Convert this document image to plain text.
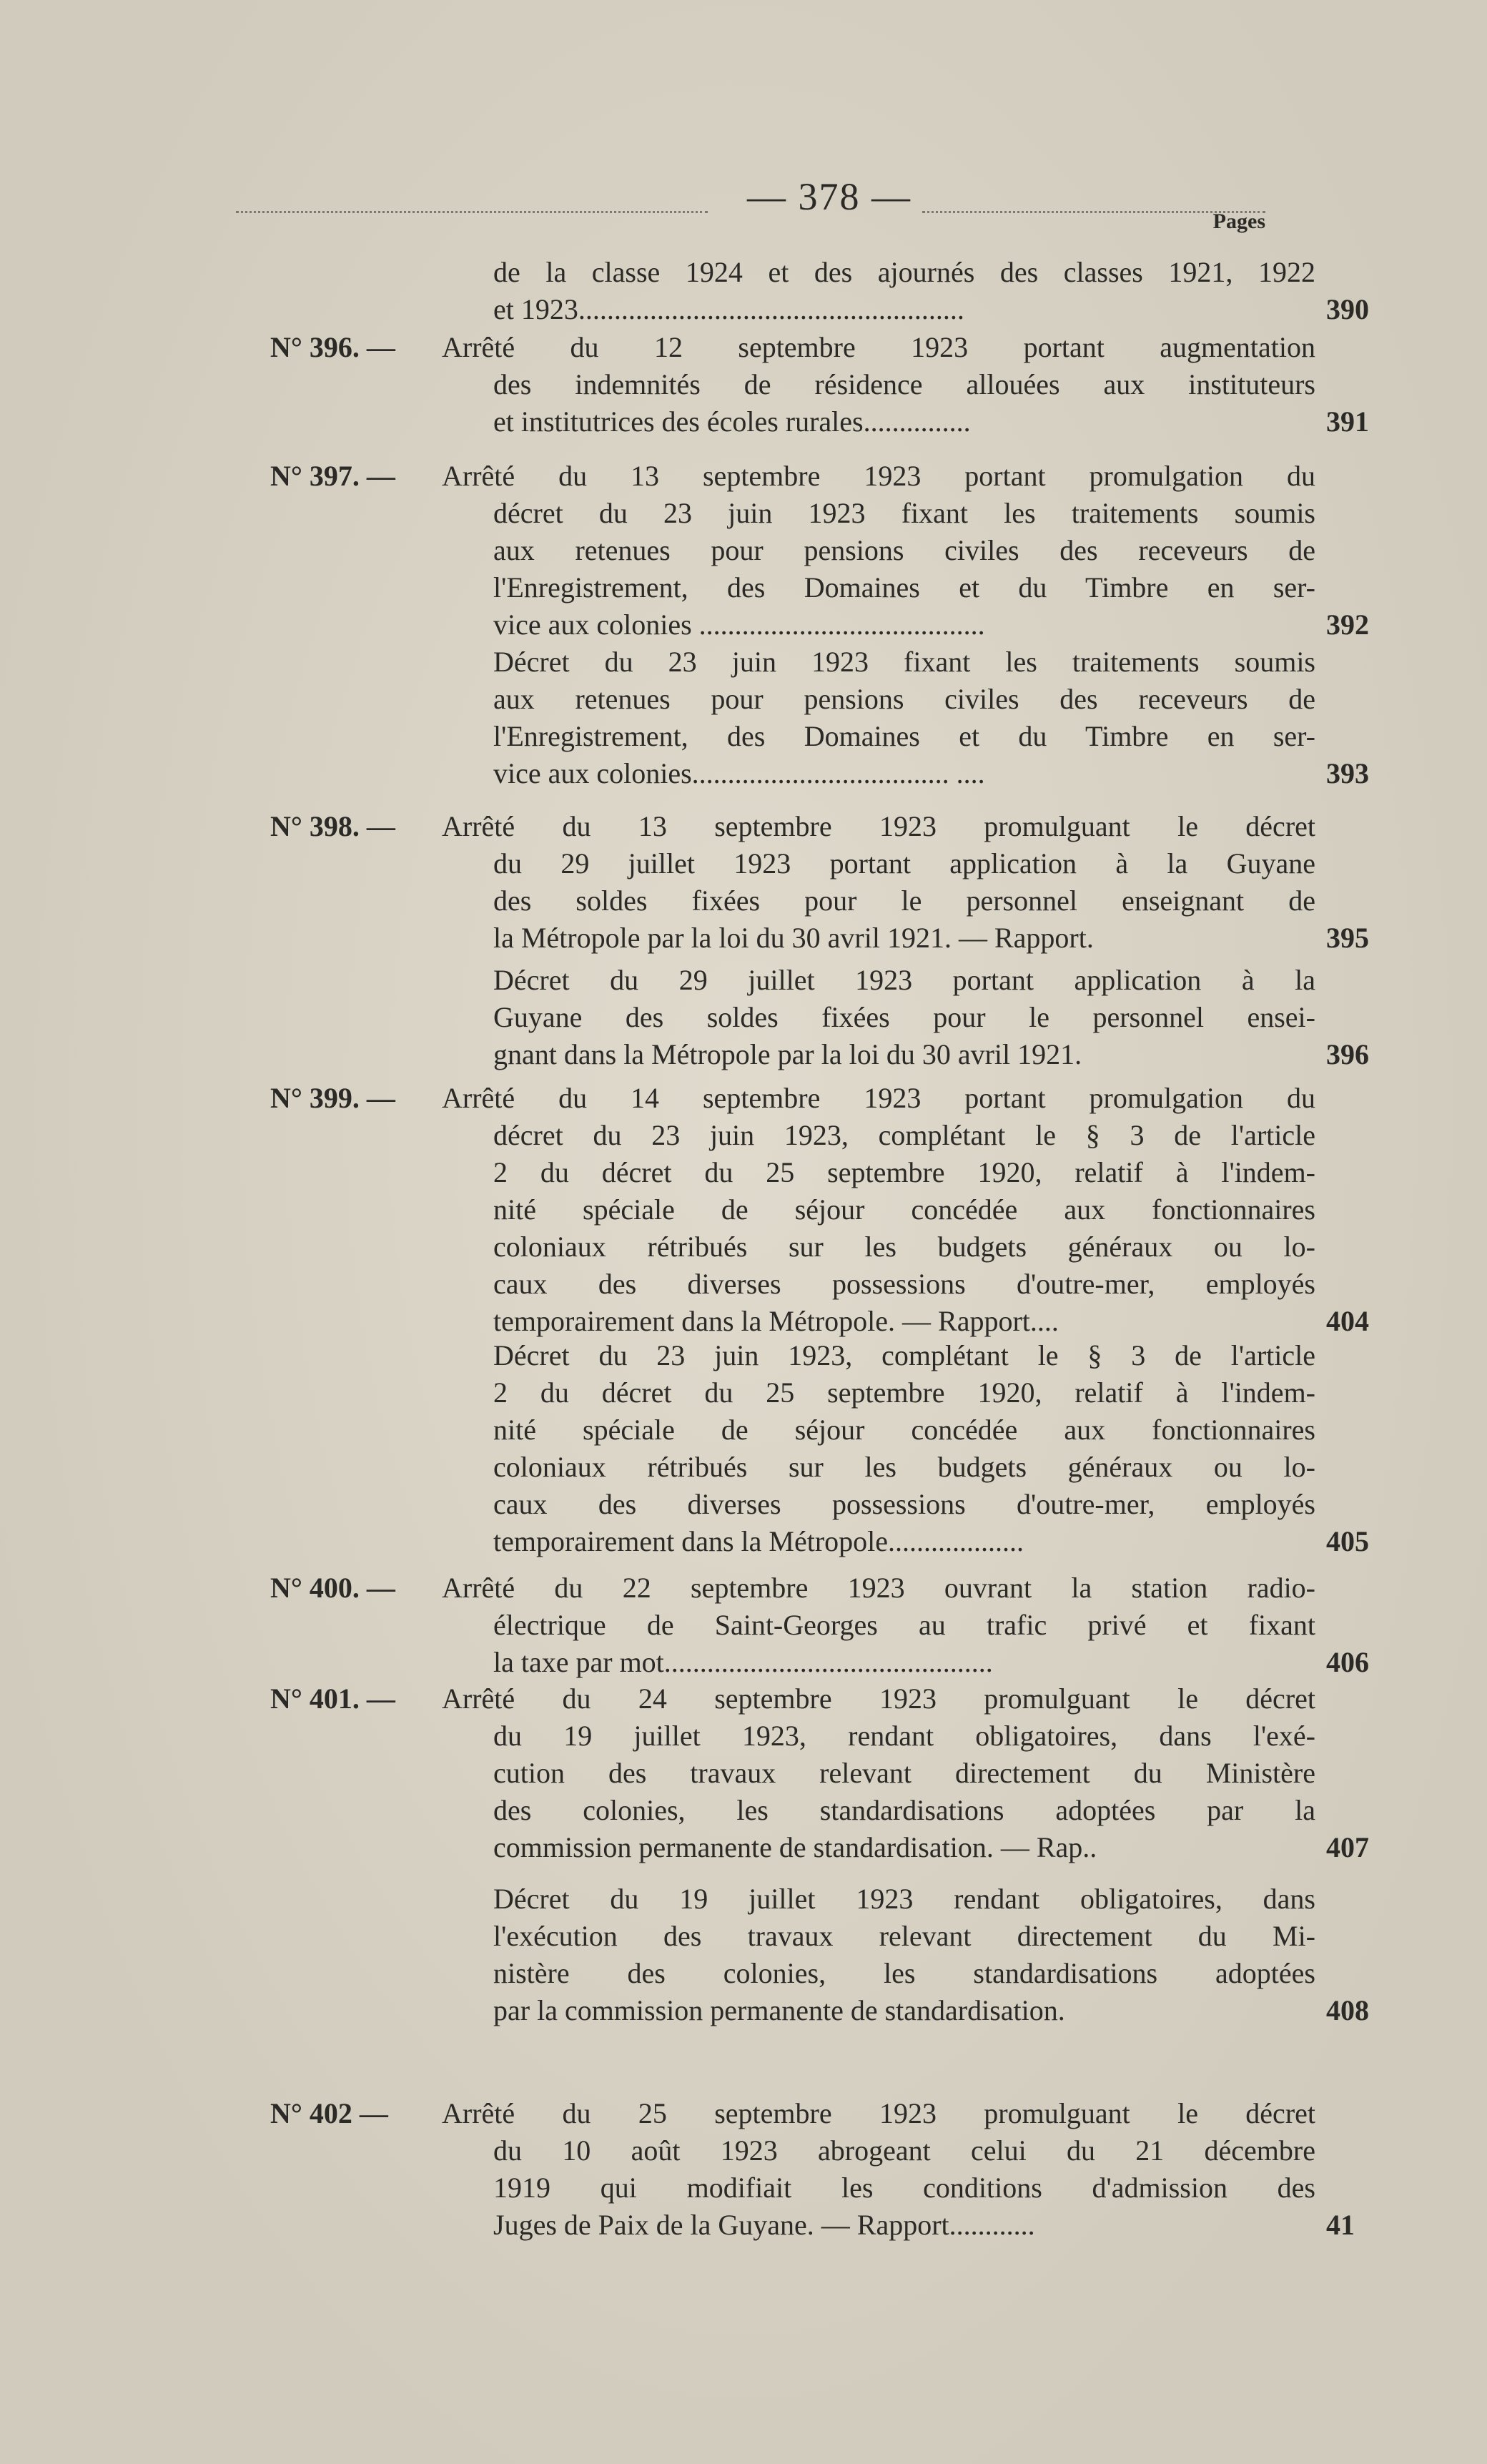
— 378 —
Pages
de la classe 1924 et des ajournés des classes 1921, 1922
et 1923......................................................	390
N° 396. — Arrêté du 12 septembre 1923 portant augmentation
des indemnités de résidence allouées aux instituteurs
et institutrices des écoles rurales...............	391
N° 397. — Arrêté du 13 septembre 1923 portant promulgation du
décret du 23 juin 1923 fixant les traitements soumis
aux retenues pour pensions civiles des receveurs de
l'Enregistrement, des Domaines et du Timbre en ser-
vice aux colonies ........................................	392
Décret du 23 juin 1923 fixant les traitements soumis
aux retenues pour pensions civiles des receveurs de
l'Enregistrement, des Domaines et du Timbre en ser-
vice aux colonies.................................... ....	393
N° 398. — Arrêté du 13 septembre 1923 promulguant le décret
du 29 juillet 1923 portant application à la Guyane
des soldes fixées pour le personnel enseignant de
la Métropole par la loi du 30 avril 1921. — Rapport.	395
Décret du 29 juillet 1923 portant application à la
Guyane des soldes fixées pour le personnel ensei-
gnant dans la Métropole par la loi du 30 avril 1921.	396
N° 399. — Arrêté du 14 septembre 1923 portant promulgation du
décret du 23 juin 1923, complétant le § 3 de l'article
2 du décret du 25 septembre 1920, relatif à l'indem-
nité spéciale de séjour concédée aux fonctionnaires
coloniaux rétribués sur les budgets généraux ou lo-
caux des diverses possessions d'outre-mer, employés
temporairement dans la Métropole. — Rapport....	404
Décret du 23 juin 1923, complétant le § 3 de l'article
2 du décret du 25 septembre 1920, relatif à l'indem-
nité spéciale de séjour concédée aux fonctionnaires
coloniaux rétribués sur les budgets généraux ou lo-
caux des diverses possessions d'outre-mer, employés
temporairement dans la Métropole...................	405
N° 400. — Arrêté du 22 septembre 1923 ouvrant la station radio-
électrique de Saint-Georges au trafic privé et fixant
la taxe par mot..............................................	406
N° 401. — Arrêté du 24 septembre 1923 promulguant le décret
du 19 juillet 1923, rendant obligatoires, dans l'exé-
cution des travaux relevant directement du Ministère
des colonies, les standardisations adoptées par la
commission permanente de standardisation. — Rap..	407
Décret du 19 juillet 1923 rendant obligatoires, dans
l'exécution des travaux relevant directement du Mi-
nistère des colonies, les standardisations adoptées
par la commission permanente de standardisation.	408
N° 402 — Arrêté du 25 septembre 1923 promulguant le décret
du 10 août 1923 abrogeant celui du 21 décembre
1919 qui modifiait les conditions d'admission des
Juges de Paix de la Guyane. — Rapport............	41
